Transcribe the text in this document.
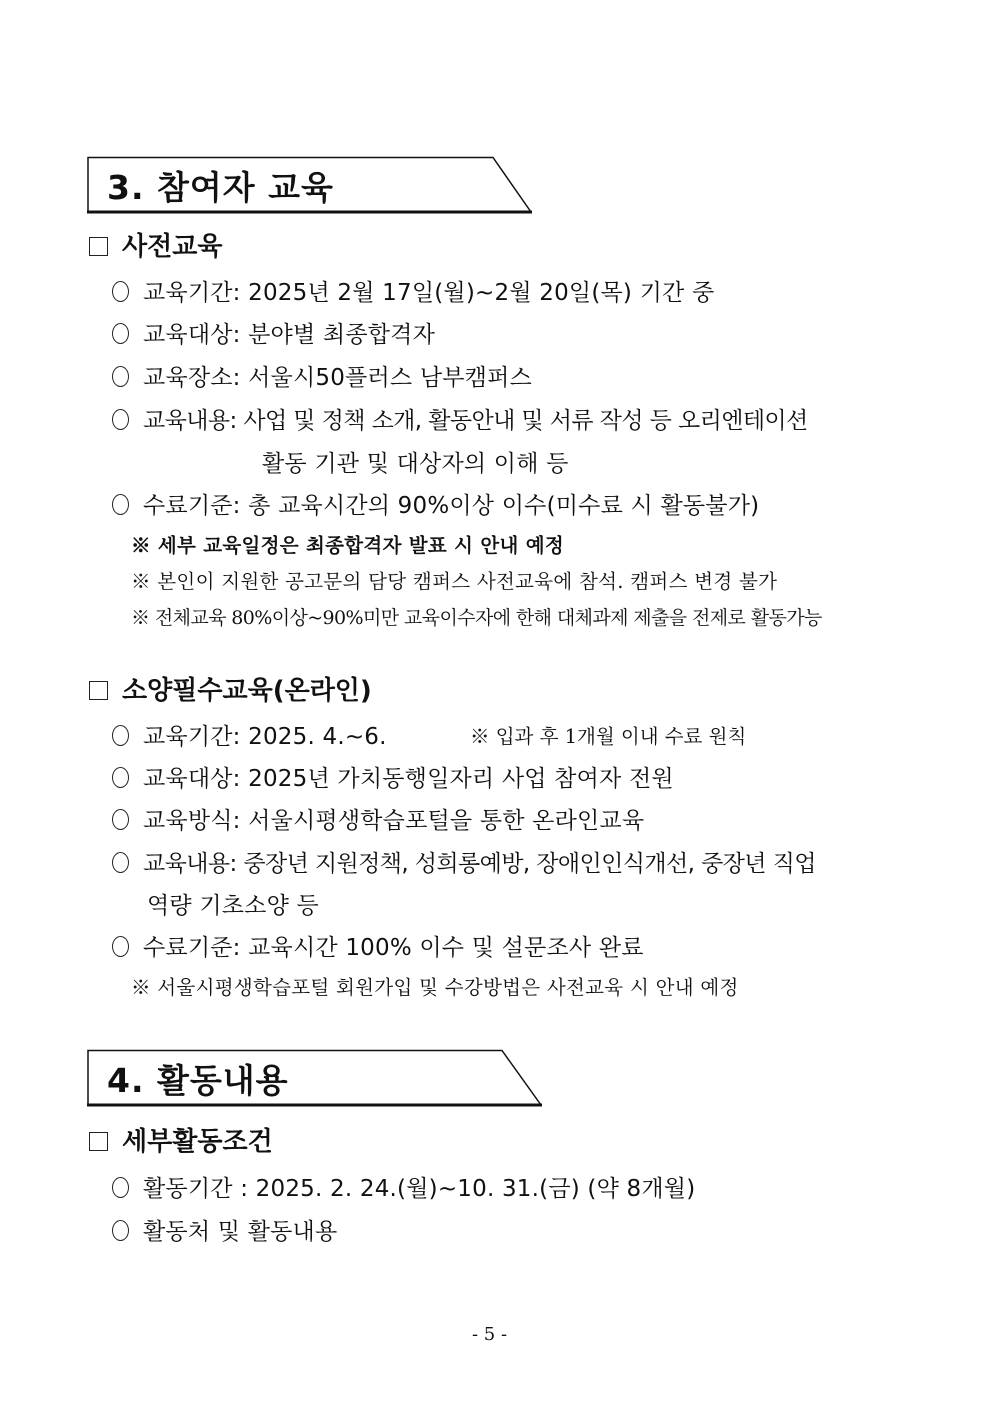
3. 참여자 교육
사전교육
교육기간: 2025년 2월 17일(월)~2월 20일(목) 기간 중
교육대상: 분야별 최종합격자
교육장소: 서울시50플러스 남부캠퍼스
교육내용: 사업 및 정책 소개, 활동안내 및 서류 작성 등 오리엔테이션
활동 기관 및 대상자의 이해 등
수료기준: 총 교육시간의 90%이상 이수(미수료 시 활동불가)
※ 세부 교육일정은 최종합격자 발표 시 안내 예정
※ 본인이 지원한 공고문의 담당 캠퍼스 사전교육에 참석. 캠퍼스 변경 불가
※ 전체교육 80%이상~90%미만 교육이수자에 한해 대체과제 제출을 전제로 활동가능
소양필수교육(온라인)
교육기간: 2025. 4.~6.	※ 입과 후 1개월 이내 수료 원칙
교육대상: 2025년 가치동행일자리 사업 참여자 전원
교육방식: 서울시평생학습포털을 통한 온라인교육
교육내용: 중장년 지원정책, 성희롱예방, 장애인인식개선, 중장년 직업
역량 기초소양 등
수료기준: 교육시간 100% 이수 및 설문조사 완료
※ 서울시평생학습포털 회원가입 및 수강방법은 사전교육 시 안내 예정
4. 활동내용
세부활동조건
활동기간 : 2025. 2. 24.(월)~10. 31.(금) (약 8개월)
활동처 및 활동내용
- 5 -
